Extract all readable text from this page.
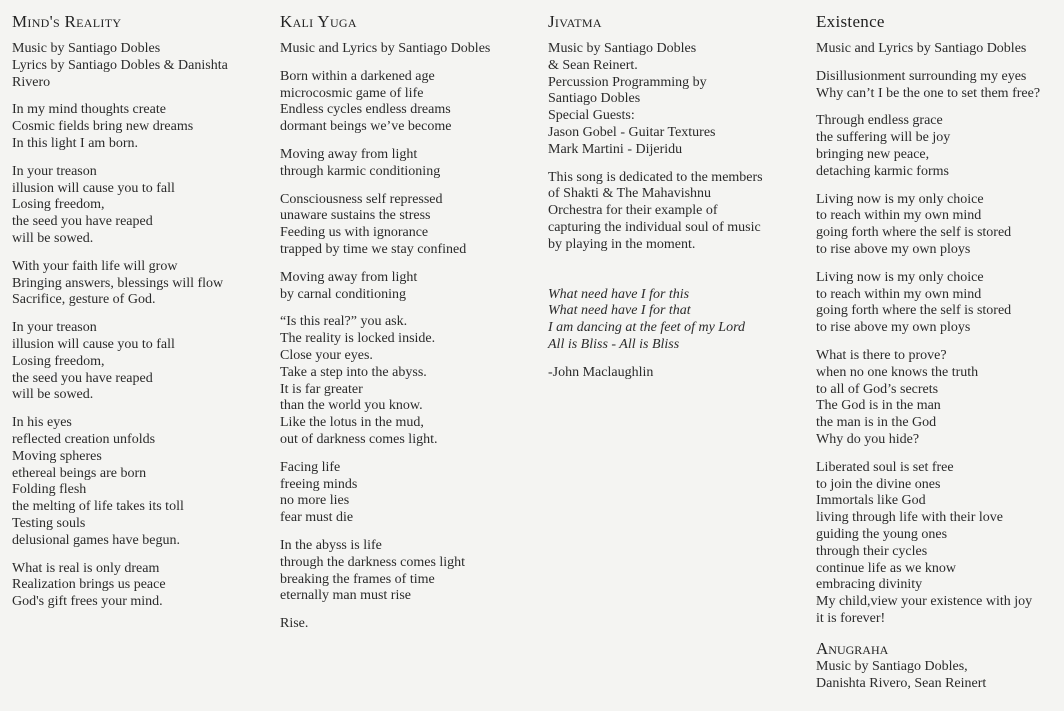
Mind's Reality
Music by Santiago Dobles
Lyrics by Santiago Dobles & Danishta
Rivero
In my mind thoughts create
Cosmic fields bring new dreams
In this light I am born.
In your treason
illusion will cause you to fall
Losing freedom,
the seed you have reaped
will be sowed.
With your faith life will grow
Bringing answers, blessings will flow
Sacrifice, gesture of God.
In your treason
illusion will cause you to fall
Losing freedom,
the seed you have reaped
will be sowed.
In his eyes
reflected creation unfolds
Moving spheres
ethereal beings are born
Folding flesh
the melting of life takes its toll
Testing souls
delusional games have begun.
What is real is only dream
Realization brings us peace
God's gift frees your mind.
Kali Yuga
Music and Lyrics by Santiago Dobles
Born within a darkened age
microcosmic game of life
Endless cycles endless dreams
dormant beings we’ve become
Moving away from light
through karmic conditioning
Consciousness self repressed
unaware sustains the stress
Feeding us with ignorance
trapped by time we stay confined
Moving away from light
by carnal conditioning
“Is this real?” you ask.
The reality is locked inside.
Close your eyes.
Take a step into the abyss.
It is far greater
than the world you know.
Like the lotus in the mud,
out of darkness comes light.
Facing life
freeing minds
no more lies
fear must die
In the abyss is life
through the darkness comes light
breaking the frames of time
eternally man must rise
Rise.
Jivatma
Music by Santiago Dobles
& Sean Reinert.
Percussion Programming by
Santiago Dobles
Special Guests:
Jason Gobel - Guitar Textures
Mark Martini - Dijeridu
This song is dedicated to the members
of Shakti & The Mahavishnu
Orchestra for their example of
capturing the individual soul of music
by playing in the moment.
What need have I for this
What need have I for that
I am dancing at the feet of my Lord
All is Bliss - All is Bliss
-John Maclaughlin
Existence
Music and Lyrics by Santiago Dobles
Disillusionment surrounding my eyes
Why can’t I be the one to set them free?
Through endless grace
the suffering will be joy
bringing new peace,
detaching karmic forms
Living now is my only choice
to reach within my own mind
going forth where the self is stored
to rise above my own ploys
Living now is my only choice
to reach within my own mind
going forth where the self is stored
to rise above my own ploys
What is there to prove?
when no one knows the truth
to all of God’s secrets
The God is in the man
the man is in the God
Why do you hide?
Liberated soul is set free
to join the divine ones
Immortals like God
living through life with their love
guiding the young ones
through their cycles
continue life as we know
embracing divinity
My child,view your existence with joy
it is forever!
Anugraha
Music by Santiago Dobles,
Danishta Rivero, Sean Reinert
